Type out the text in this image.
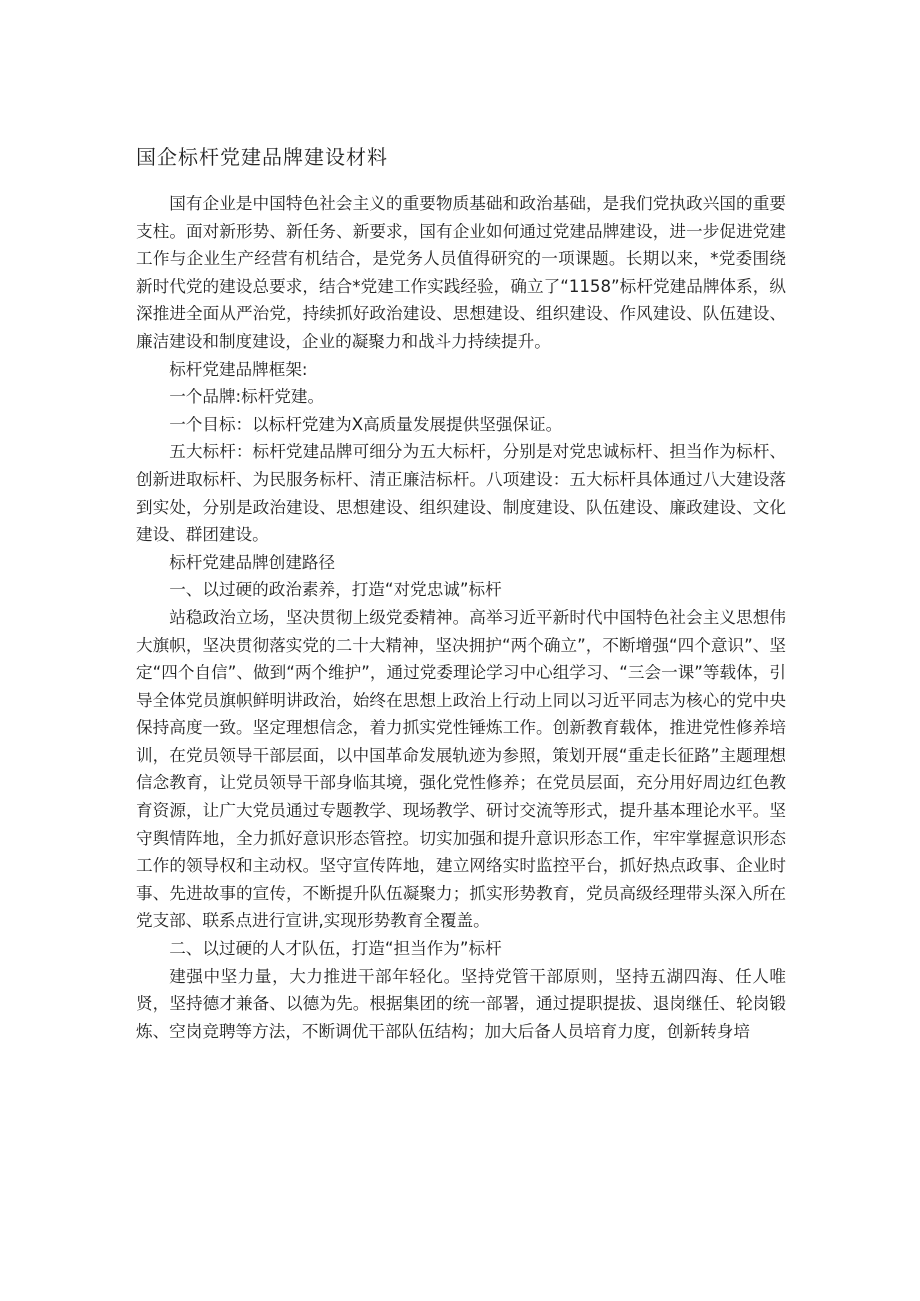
国企标杆党建品牌建设材料

国有企业是中国特色社会主义的重要物质基础和政治基础，是我们党执政兴国的重要支柱。面对新形势、新任务、新要求，国有企业如何通过党建品牌建设，进一步促进党建工作与企业生产经营有机结合，是党务人员值得研究的一项课题。长期以来，*党委围绕新时代党的建设总要求，结合*党建工作实践经验，确立了“1158”标杆党建品牌体系，纵深推进全面从严治党，持续抓好政治建设、思想建设、组织建设、作风建设、队伍建设、廉洁建设和制度建设，企业的凝聚力和战斗力持续提升。

标杆党建品牌框架:

一个品牌:标杆党建。

一个目标：以标杆党建为X高质量发展提供坚强保证。

五大标杆：标杆党建品牌可细分为五大标杆，分别是对党忠诚标杆、担当作为标杆、创新进取标杆、为民服务标杆、清正廉洁标杆。八项建设：五大标杆具体通过八大建设落到实处，分别是政治建设、思想建设、组织建设、制度建设、队伍建设、廉政建设、文化建设、群团建设。

标杆党建品牌创建路径

一、以过硬的政治素养，打造“对党忠诚”标杆

站稳政治立场，坚决贯彻上级党委精神。高举习近平新时代中国特色社会主义思想伟大旗帜，坚决贯彻落实党的二十大精神，坚决拥护“两个确立”，不断增强“四个意识”、坚定“四个自信”、做到“两个维护”，通过党委理论学习中心组学习、“三会一课”等载体，引导全体党员旗帜鲜明讲政治，始终在思想上政治上行动上同以习近平同志为核心的党中央保持高度一致。坚定理想信念，着力抓实党性锤炼工作。创新教育载体，推进党性修养培训，在党员领导干部层面，以中国革命发展轨迹为参照，策划开展“重走长征路”主题理想信念教育，让党员领导干部身临其境，强化党性修养；在党员层面，充分用好周边红色教育资源，让广大党员通过专题教学、现场教学、研讨交流等形式，提升基本理论水平。坚守舆情阵地，全力抓好意识形态管控。切实加强和提升意识形态工作，牢牢掌握意识形态工作的领导权和主动权。坚守宣传阵地，建立网络实时监控平台，抓好热点政事、企业时事、先进故事的宣传，不断提升队伍凝聚力；抓实形势教育，党员高级经理带头深入所在党支部、联系点进行宣讲,实现形势教育全覆盖。

二、以过硬的人才队伍，打造“担当作为”标杆

建强中坚力量，大力推进干部年轻化。坚持党管干部原则，坚持五湖四海、任人唯贤，坚持德才兼备、以德为先。根据集团的统一部署，通过提职提拔、退岗继任、轮岗锻炼、空岗竞聘等方法，不断调优干部队伍结构；加大后备人员培育力度，创新转身培
